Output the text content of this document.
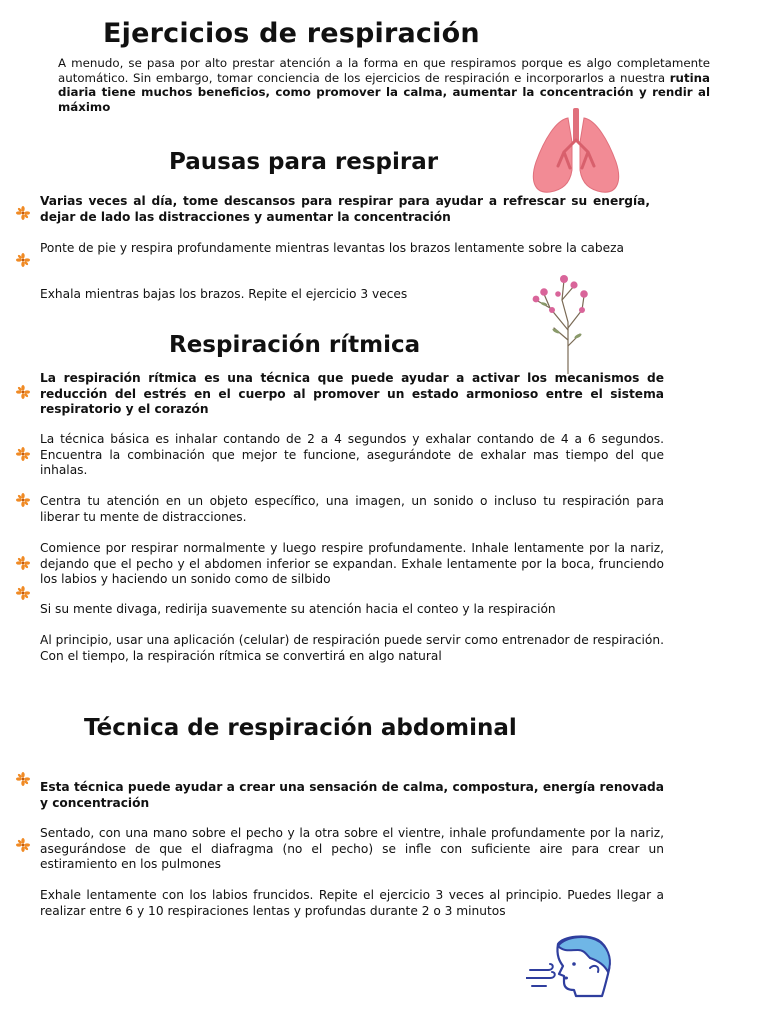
Ejercicios de respiración

A menudo, se pasa por alto prestar atención a la forma en que respiramos porque es algo completamente automático. Sin embargo, tomar conciencia de los ejercicios de respiración e incorporarlos a nuestra rutina diaria tiene muchos beneficios, como promover la calma, aumentar la concentración y rendir al máximo

Pausas para respirar

Varias veces al día, tome descansos para respirar para ayudar a refrescar su energía, dejar de lado las distracciones y aumentar la concentración

Ponte de pie y respira profundamente mientras levantas los brazos lentamente sobre la cabeza

Exhala mientras bajas los brazos. Repite el ejercicio 3 veces

Respiración rítmica

La respiración rítmica es una técnica que puede ayudar a activar los mecanismos de reducción del estrés en el cuerpo al promover un estado armonioso entre el sistema respiratorio y el corazón

La técnica básica es inhalar contando de 2 a 4 segundos y exhalar contando de 4 a 6 segundos. Encuentra la combinación que mejor te funcione, asegurándote de exhalar mas tiempo del que inhalas.

Centra tu atención en un objeto específico, una imagen, un sonido o incluso tu respiración para liberar tu mente de distracciones.

Comience por respirar normalmente y luego respire profundamente. Inhale lentamente por la nariz, dejando que el pecho y el abdomen inferior se expandan. Exhale lentamente por la boca, frunciendo los labios y haciendo un sonido como de silbido

Si su mente divaga, redirija suavemente su atención hacia el conteo y la respiración

Al principio, usar una aplicación (celular) de respiración puede servir como entrenador de respiración. Con el tiempo, la respiración rítmica se convertirá en algo natural

Técnica de respiración abdominal

Esta técnica puede ayudar a crear una sensación de calma, compostura, energía renovada y concentración

Sentado, con una mano sobre el pecho y la otra sobre el vientre, inhale profundamente por la nariz, asegurándose de que el diafragma (no el pecho) se infle con suficiente aire para crear un estiramiento en los pulmones

Exhale lentamente con los labios fruncidos. Repite el ejercicio 3 veces al principio. Puedes llegar a realizar entre 6 y 10 respiraciones lentas y profundas durante 2 o 3 minutos
